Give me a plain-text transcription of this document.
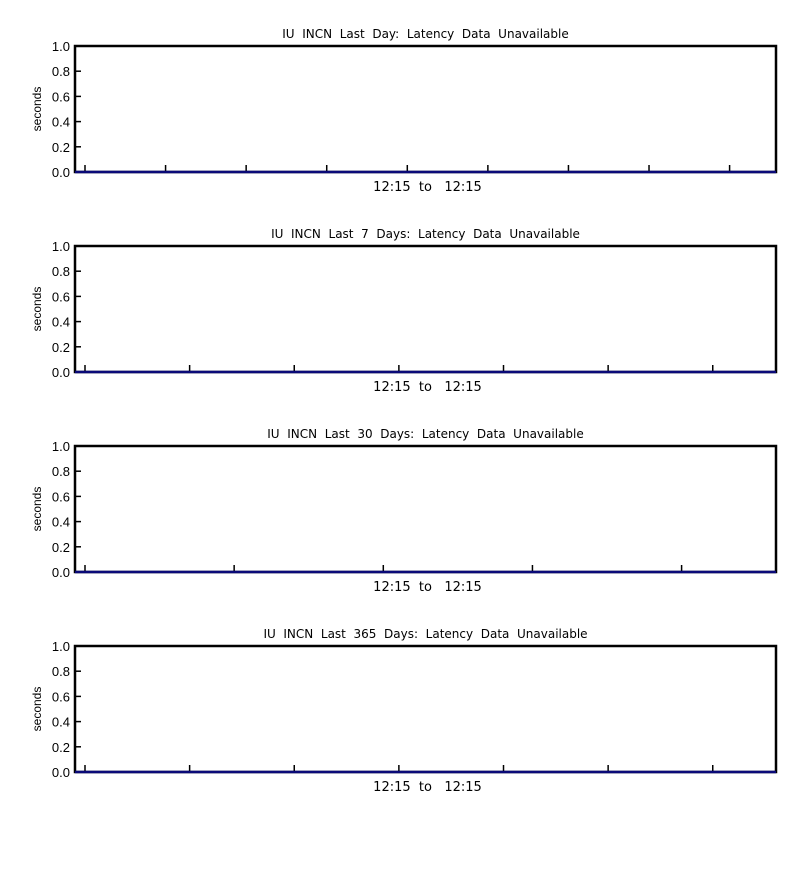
IU  INCN  Last  Day:  Latency  Data  Unavailable
seconds
0.0
0.2
0.4
0.6
0.8
1.0
12:15  to   12:15
IU  INCN  Last  7  Days:  Latency  Data  Unavailable
seconds
0.0
0.2
0.4
0.6
0.8
1.0
12:15  to   12:15
IU  INCN  Last  30  Days:  Latency  Data  Unavailable
seconds
0.0
0.2
0.4
0.6
0.8
1.0
12:15  to   12:15
IU  INCN  Last  365  Days:  Latency  Data  Unavailable
seconds
0.0
0.2
0.4
0.6
0.8
1.0
12:15  to   12:15
